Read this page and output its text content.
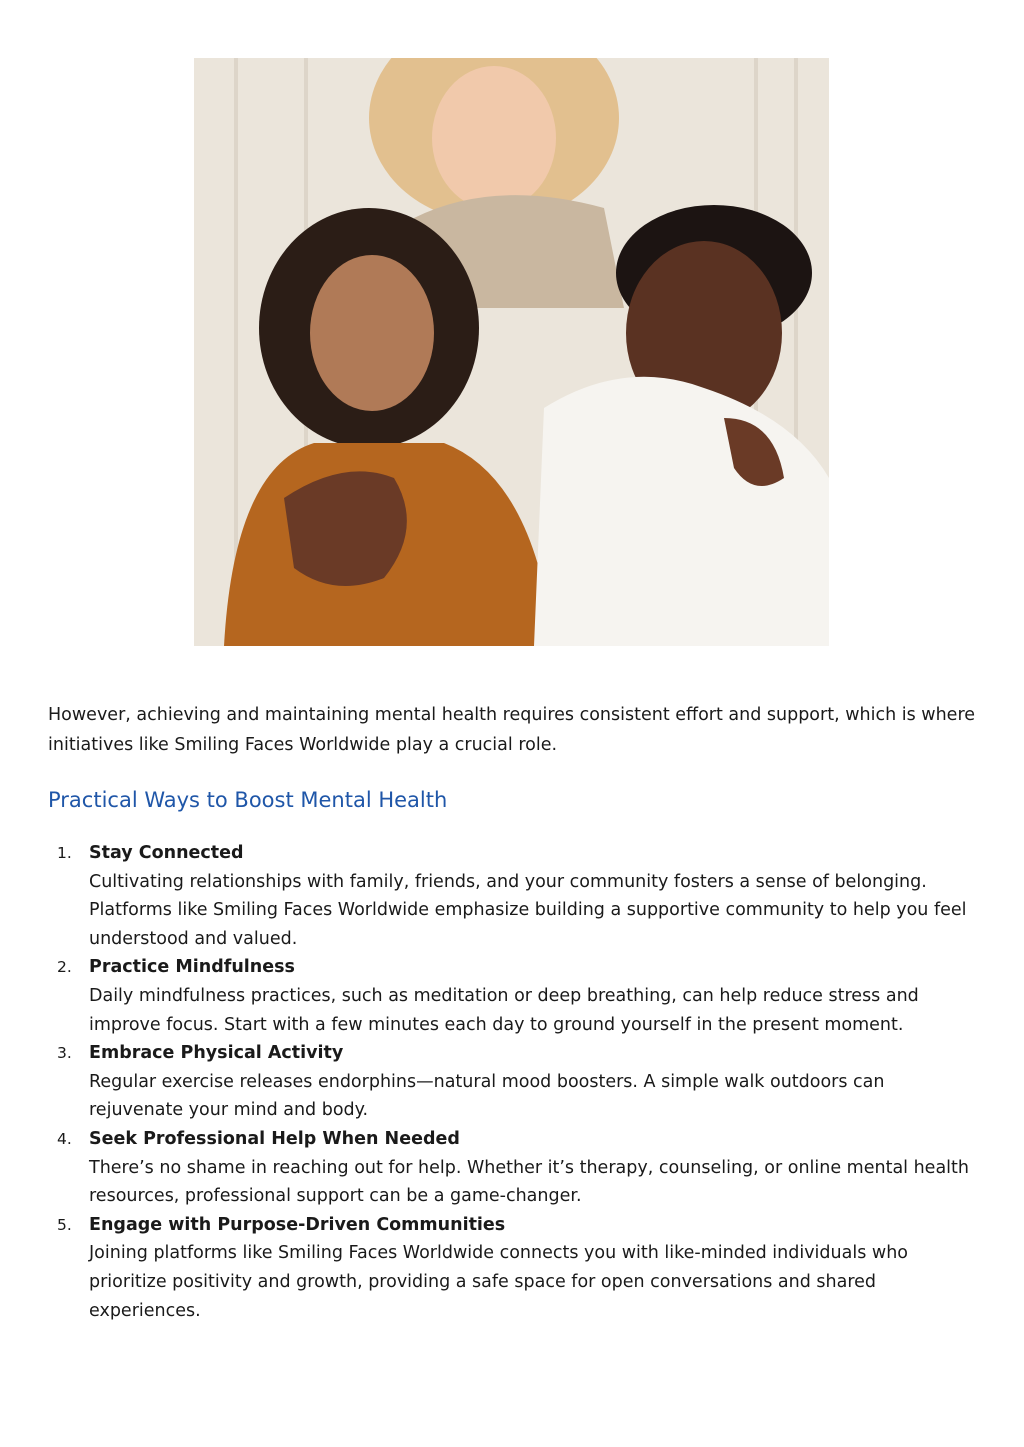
However, achieving and maintaining mental health requires consistent effort and support, which is where initiatives like Smiling Faces Worldwide play a crucial role.

Practical Ways to Boost Mental Health
1. Stay Connected
Cultivating relationships with family, friends, and your community fosters a sense of belonging. Platforms like Smiling Faces Worldwide emphasize building a supportive community to help you feel understood and valued.
2. Practice Mindfulness
Daily mindfulness practices, such as meditation or deep breathing, can help reduce stress and improve focus. Start with a few minutes each day to ground yourself in the present moment.
3. Embrace Physical Activity
Regular exercise releases endorphins—natural mood boosters. A simple walk outdoors can rejuvenate your mind and body.
4. Seek Professional Help When Needed
There’s no shame in reaching out for help. Whether it’s therapy, counseling, or online mental health resources, professional support can be a game-changer.
5. Engage with Purpose-Driven Communities
Joining platforms like Smiling Faces Worldwide connects you with like-minded individuals who prioritize positivity and growth, providing a safe space for open conversations and shared experiences.
